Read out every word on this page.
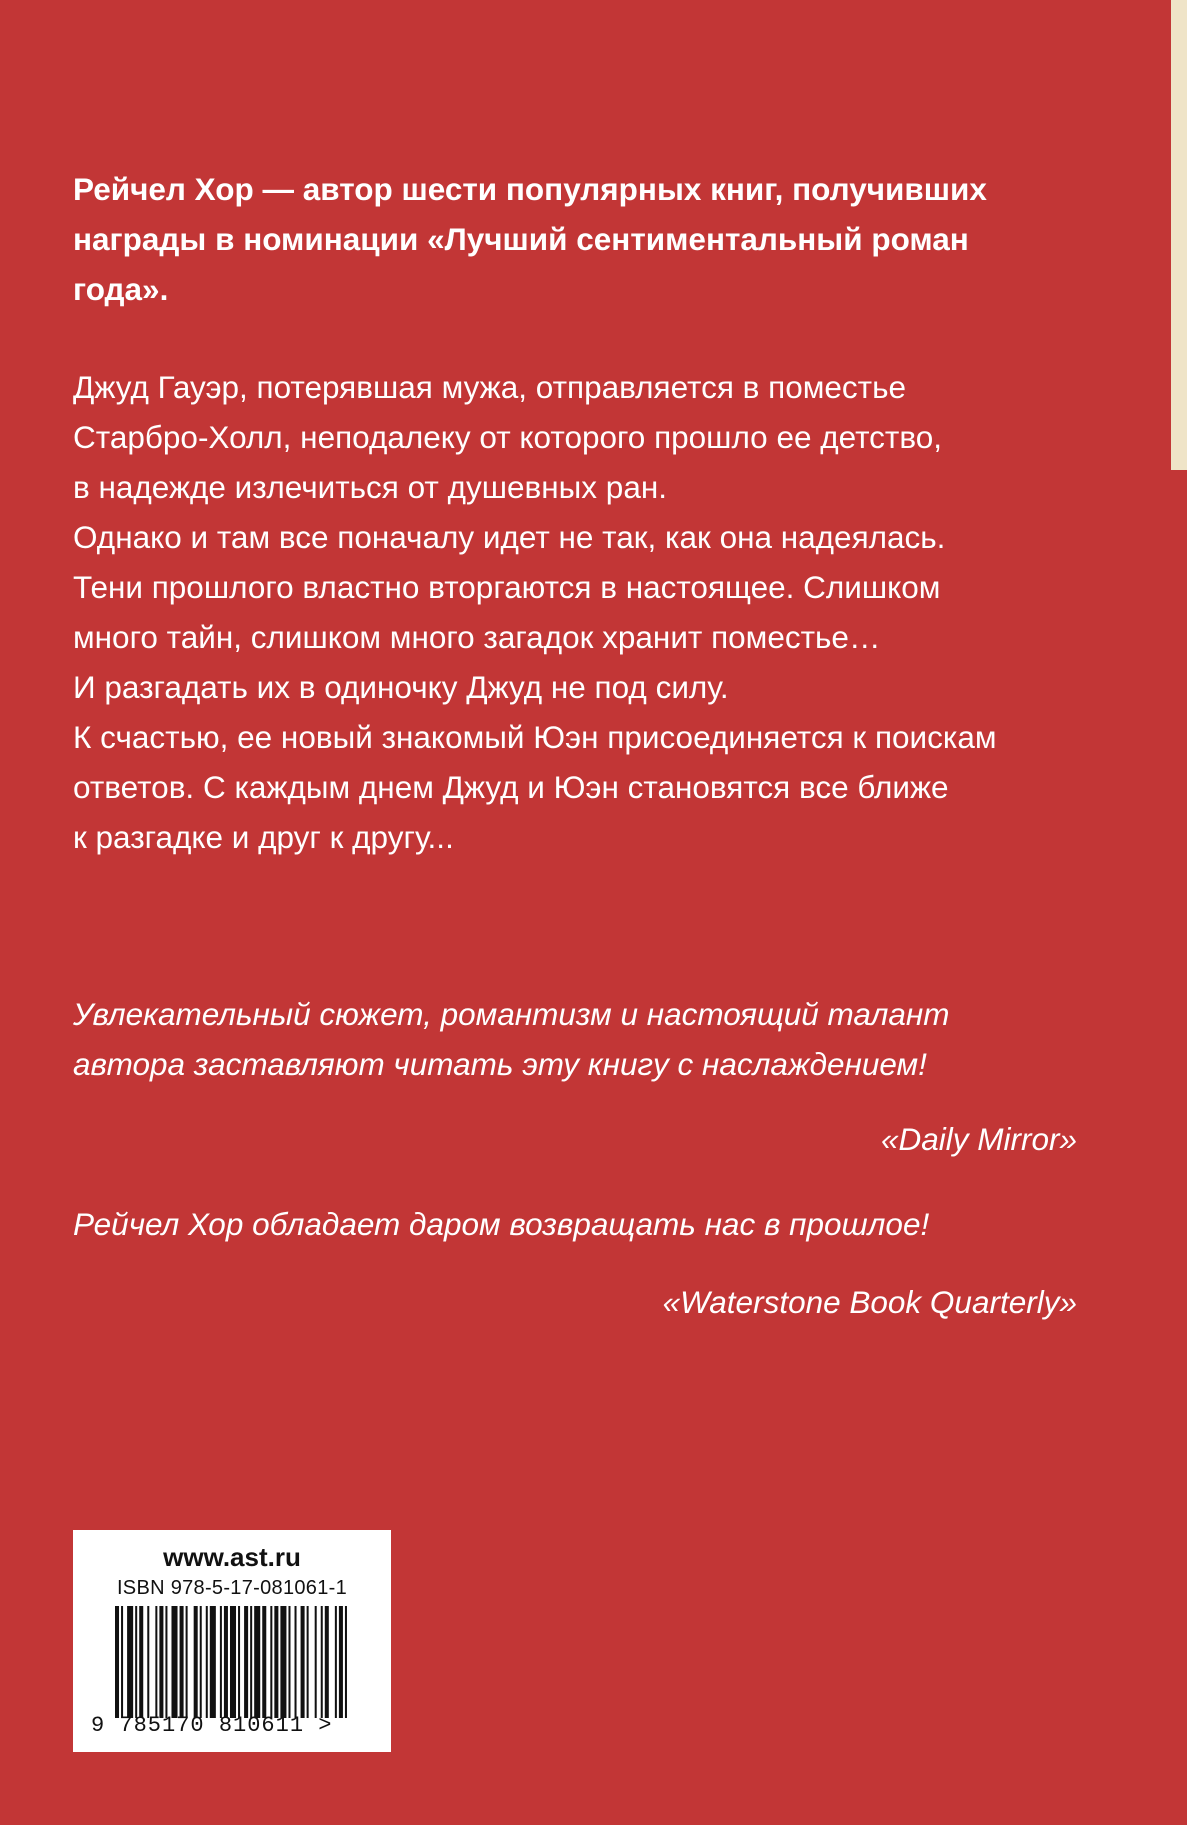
Рейчел Хор — автор шести популярных книг, получивших
награды в номинации «Лучший сентиментальный роман
года».
Джуд Гауэр, потерявшая мужа, отправляется в поместье
Старбро-Холл, неподалеку от которого прошло ее детство,
в надежде излечиться от душевных ран.
Однако и там все поначалу идет не так, как она надеялась.
Тени прошлого властно вторгаются в настоящее. Слишком
много тайн, слишком много загадок хранит поместье…
И разгадать их в одиночку Джуд не под силу.
К счастью, ее новый знакомый Юэн присоединяется к поискам
ответов. С каждым днем Джуд и Юэн становятся все ближе
к разгадке и друг к другу...
Увлекательный сюжет, романтизм и настоящий талант
автора заставляют читать эту книгу с наслаждением!
«Daily Mirror»
Рейчел Хор обладает даром возвращать нас в прошлое!
«Waterstone Book Quarterly»
www.ast.ru
ISBN 978-5-17-081061-1
9 785170 810611 >
